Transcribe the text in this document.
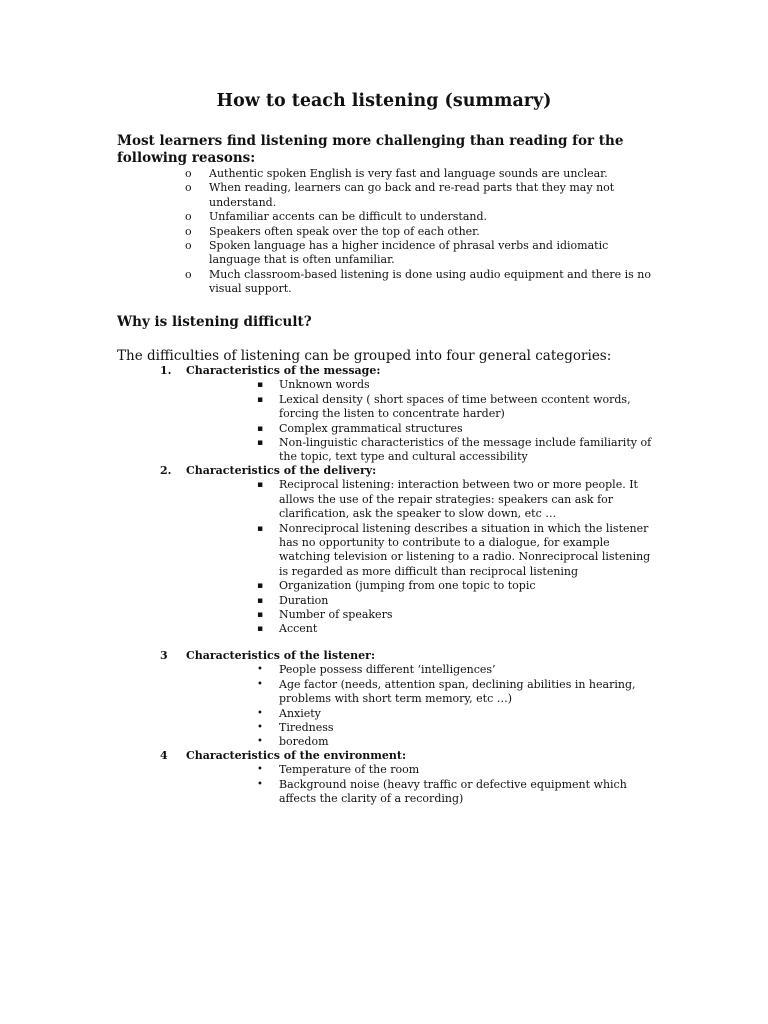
How to teach listening (summary)

Most learners find listening more challenging than reading for the following reasons:

o Authentic spoken English is very fast and language sounds are unclear.
o When reading, learners can go back and re-read parts that they may not understand.
o Unfamiliar accents can be difficult to understand.
o Speakers often speak over the top of each other.
o Spoken language has a higher incidence of phrasal verbs and idiomatic language that is often unfamiliar.
o Much classroom-based listening is done using audio equipment and there is no visual support.

Why is listening difficult?

The difficulties of listening can be grouped into four general categories:

1.	Characteristics of the message:
▪ Unknown words
▪ Lexical density ( short spaces of time between ccontent words, forcing the listen to concentrate harder)
▪ Complex grammatical structures
▪ Non-linguistic characteristics of the message include familiarity of the topic, text type and cultural accessibility
2.	Characteristics of the delivery:
▪ Reciprocal listening: interaction between two or more people. It allows the use of the repair strategies: speakers can ask for clarification, ask the speaker to slow down, etc …
▪ Nonreciprocal listening describes a situation in which the listener has no opportunity to contribute to a dialogue, for example watching television or listening to a radio. Nonreciprocal listening is regarded as more difficult than reciprocal listening
▪ Organization (jumping from one topic to topic
▪ Duration
▪ Number of speakers
▪ Accent
3	Characteristics of the listener:
• People possess different ‘intelligences’
• Age factor (needs, attention span, declining abilities in hearing, problems with short term memory, etc …)
• Anxiety
• Tiredness
• boredom
4	Characteristics of the environment:
• Temperature of the room
• Background noise (heavy traffic or defective equipment which affects the clarity of a recording)
